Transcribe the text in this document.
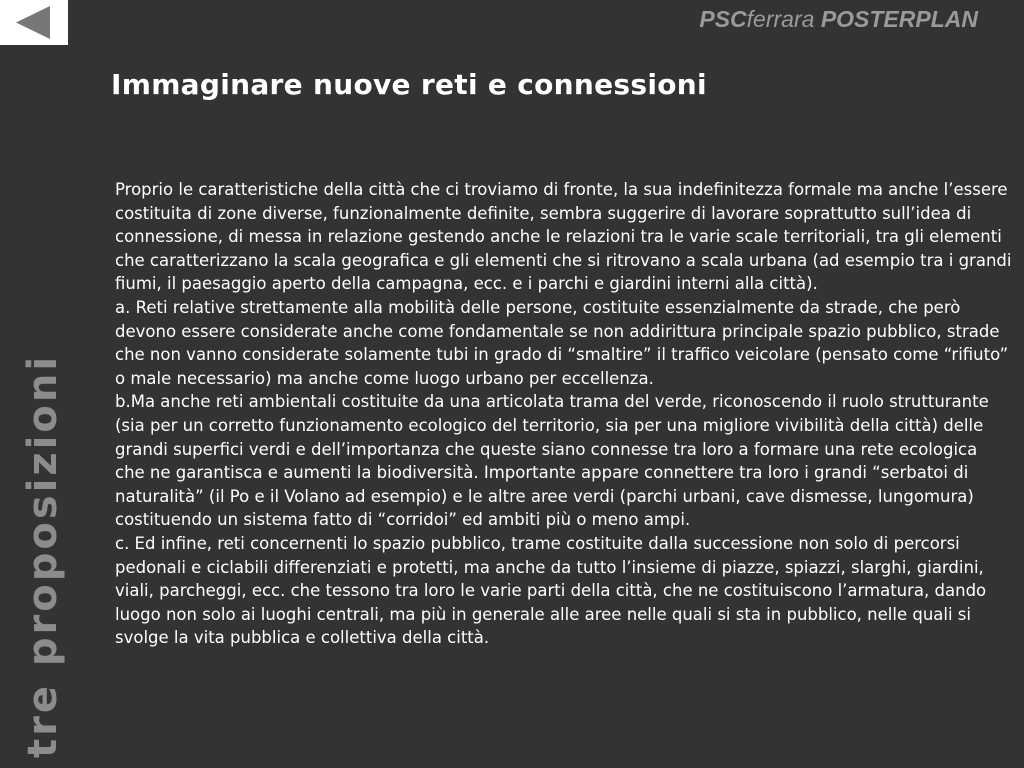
PSCferrara POSTERPLAN
Immaginare nuove reti e connessioni
tre proposizioni

Proprio le caratteristiche della città che ci troviamo di fronte, la sua indefinitezza formale ma anche l’essere costituita di zone diverse, funzionalmente definite, sembra suggerire di lavorare soprattutto sull’idea di connessione, di messa in relazione gestendo anche le relazioni tra le varie scale territoriali, tra gli elementi che caratterizzano la scala geografica e gli elementi che si ritrovano a scala urbana (ad esempio tra i grandi fiumi, il paesaggio aperto della campagna, ecc. e i parchi e giardini interni alla città).

a. Reti relative strettamente alla mobilità delle persone, costituite essenzialmente da strade, che però devono essere considerate anche come fondamentale se non addirittura principale spazio pubblico, strade che non vanno considerate solamente tubi in grado di “smaltire” il traffico veicolare (pensato come “rifiuto” o male necessario) ma anche come luogo urbano per eccellenza.

b.Ma anche reti ambientali costituite da una articolata trama del verde, riconoscendo il ruolo strutturante (sia per un corretto funzionamento ecologico del territorio, sia per una migliore vivibilità della città) delle grandi superfici verdi e dell’importanza che queste siano connesse tra loro a formare una rete ecologica che ne garantisca e aumenti la biodiversità. Importante appare connettere tra loro i grandi “serbatoi di naturalità” (il Po e il Volano ad esempio) e le altre aree verdi (parchi urbani, cave dismesse, lungomura) costituendo un sistema fatto di “corridoi” ed ambiti più o meno ampi.

c. Ed infine, reti concernenti lo spazio pubblico, trame costituite dalla successione non solo di percorsi pedonali e ciclabili differenziati e protetti, ma anche da tutto l’insieme di piazze, spiazzi, slarghi, giardini, viali, parcheggi, ecc. che tessono tra loro le varie parti della città, che ne costituiscono l’armatura, dando luogo non solo ai luoghi centrali, ma più in generale alle aree nelle quali si sta in pubblico, nelle quali si svolge la vita pubblica e collettiva della città.
